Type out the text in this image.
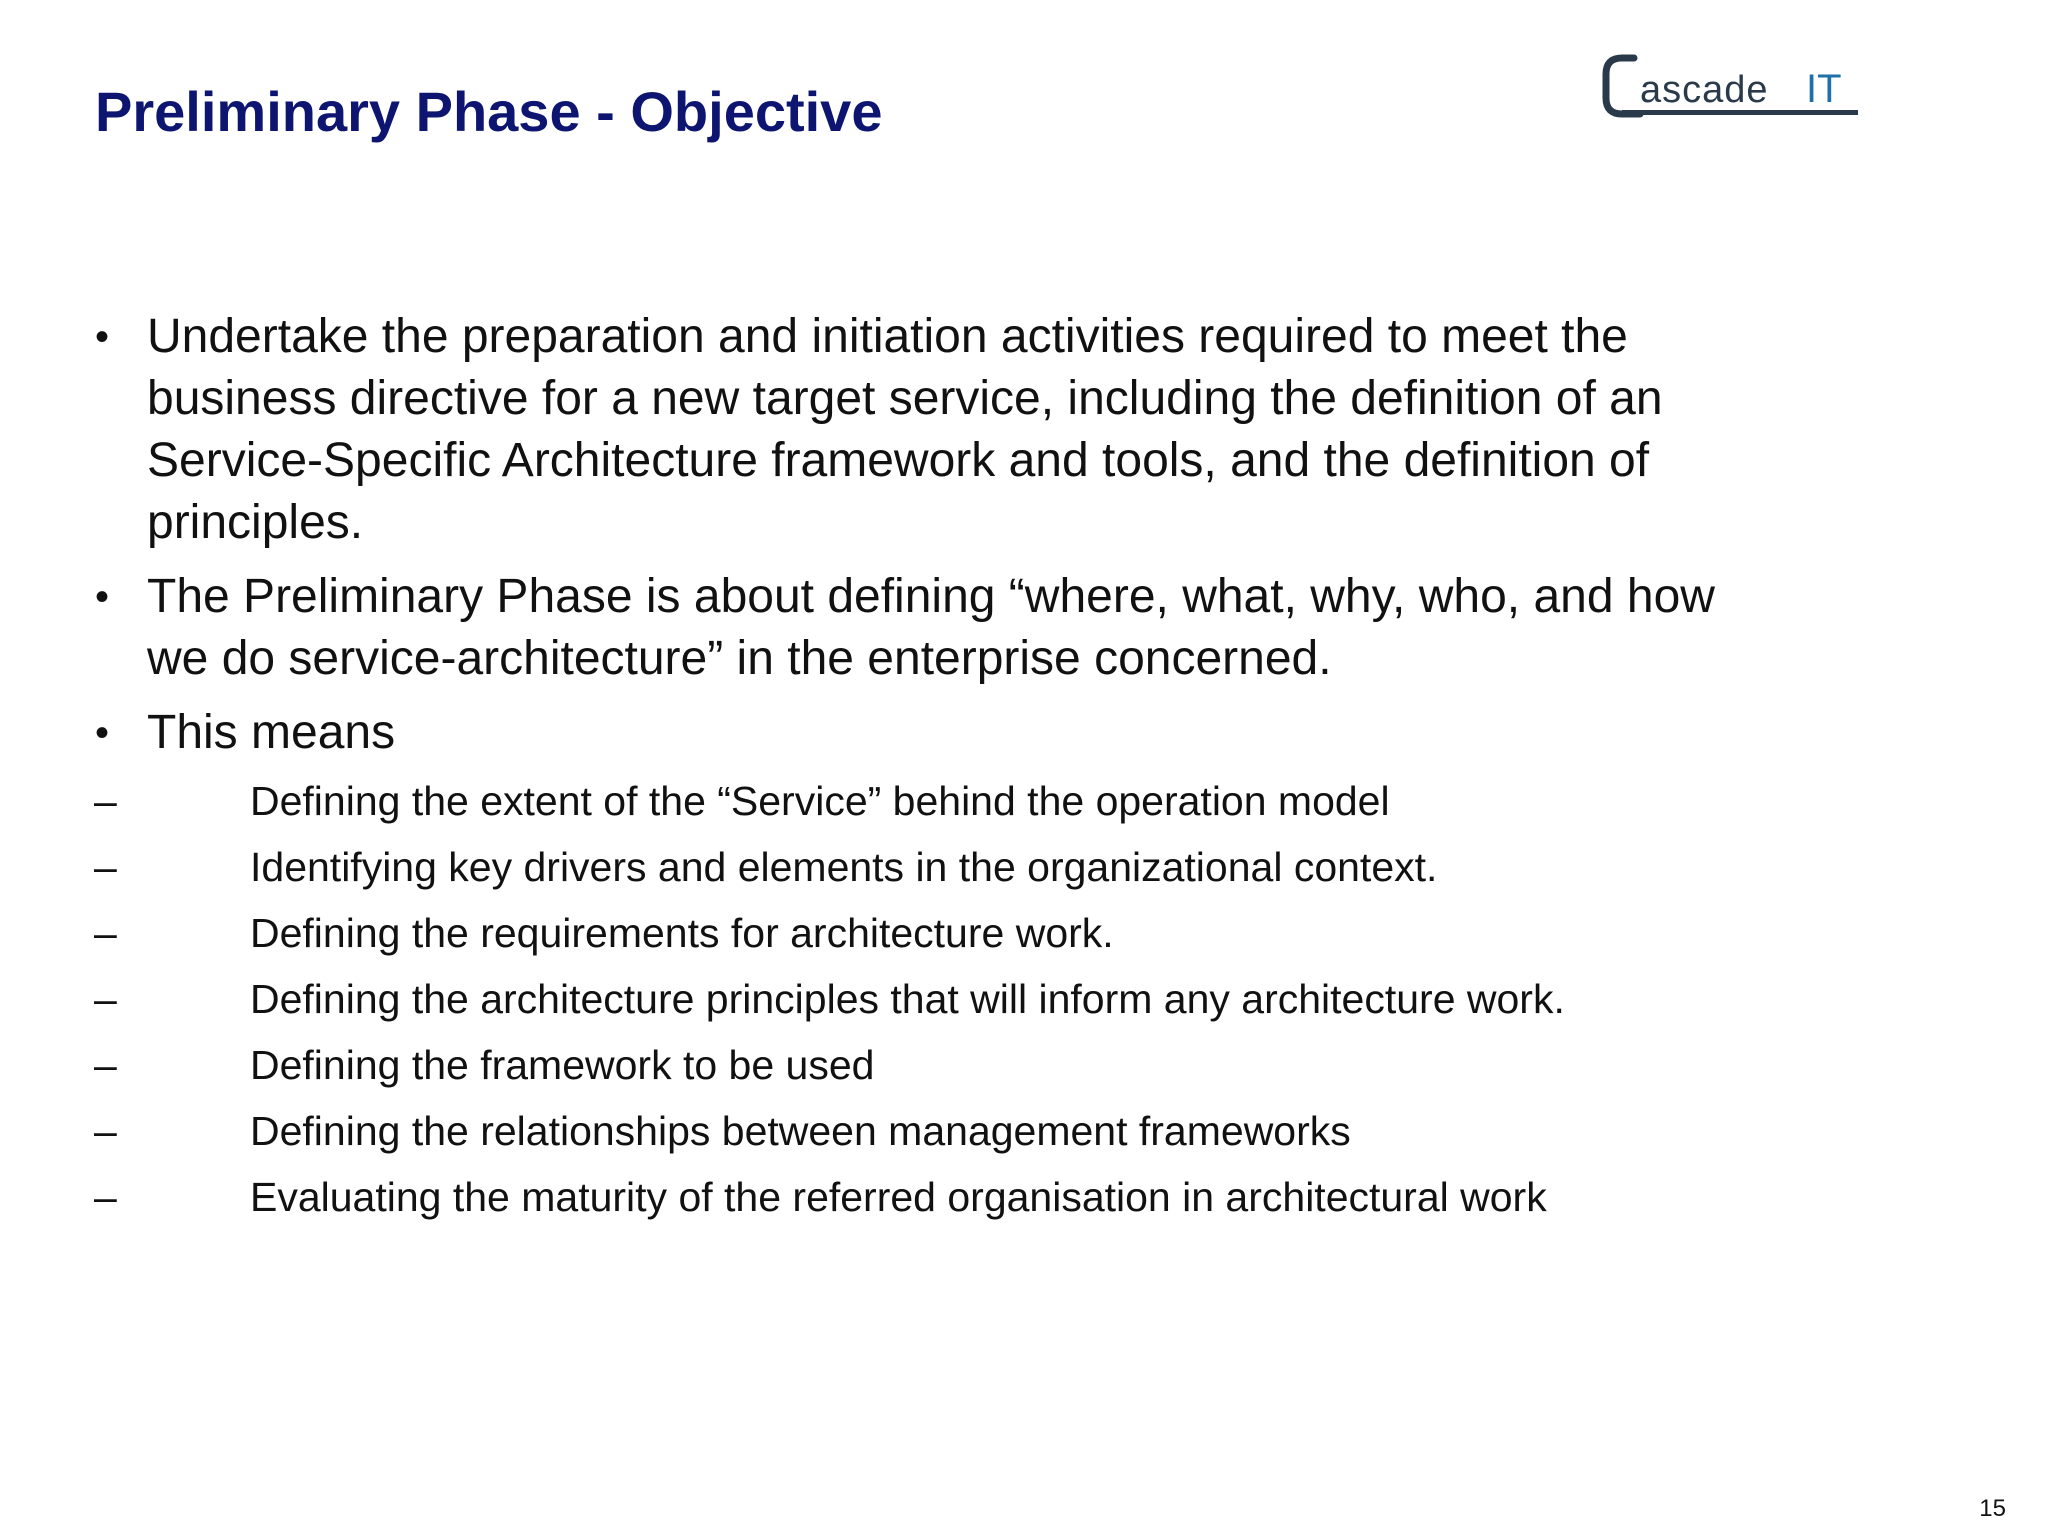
Preliminary Phase - Objective	ascade IT
• Undertake the preparation and initiation activities required to meet the
business directive for a new target service, including the definition of an
Service-Specific Architecture framework and tools, and the definition of
principles.
• The Preliminary Phase is about defining “where, what, why, who, and how
we do service-architecture” in the enterprise concerned.
• This means
–	Defining the extent of the “Service” behind the operation model
–	Identifying key drivers and elements in the organizational context.
–	Defining the requirements for architecture work.
–	Defining the architecture principles that will inform any architecture work.
–	Defining the framework to be used
–	Defining the relationships between management frameworks
–	Evaluating the maturity of the referred organisation in architectural work
15
